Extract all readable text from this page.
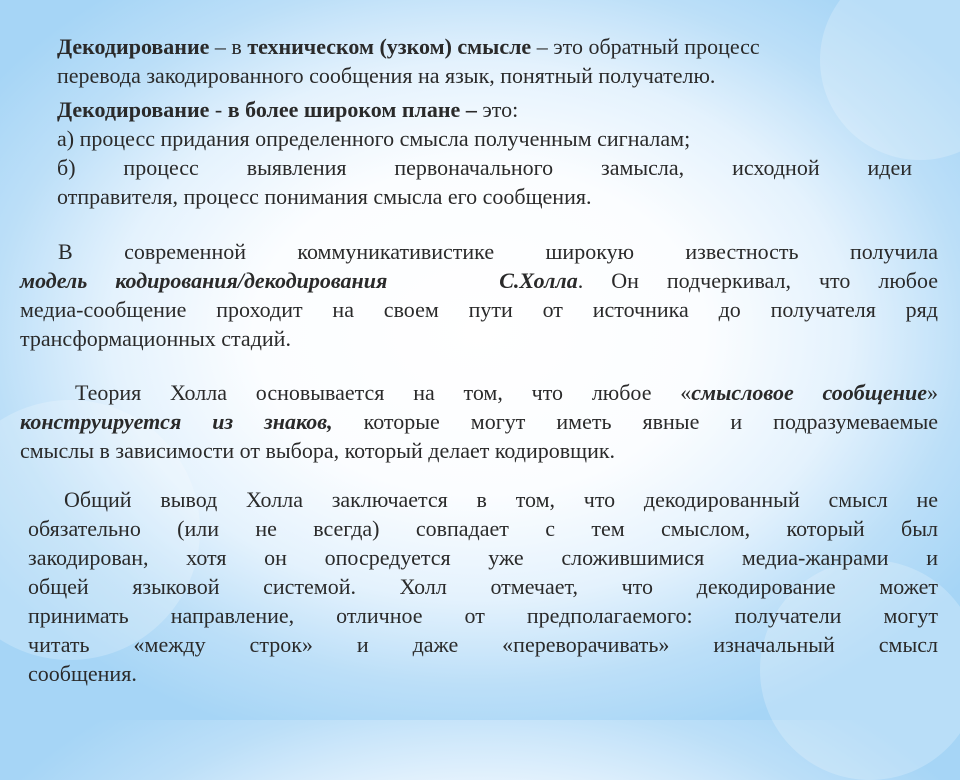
Декодирование – в техническом (узком) смысле – это обратный процесс
перевода закодированного сообщения на язык, понятный получателю.
Декодирование - в более широком плане – это:
а) процесс придания определенного смысла полученным сигналам;
б) процесс выявления первоначального замысла, исходной идеи
отправителя, процесс понимания смысла его сообщения.
В современной коммуникативистике широкую известность получила
модель кодирования/декодирования	С.Холла. Он подчеркивал, что любое
медиа-сообщение проходит на своем пути от источника до получателя ряд
трансформационных стадий.
Теория Холла основывается на том, что любое «смысловое сообщение»
конструируется из знаков, которые могут иметь явные и подразумеваемые
смыслы в зависимости от выбора, который делает кодировщик.
Общий вывод Холла заключается в том, что декодированный смысл не
обязательно (или не всегда) совпадает с тем смыслом, который был
закодирован, хотя он опосредуется уже сложившимися медиа-жанрами и
общей языковой системой. Холл отмечает, что декодирование может
принимать направление, отличное от предполагаемого: получатели могут
читать «между строк» и даже «переворачивать» изначальный смысл
сообщения.
